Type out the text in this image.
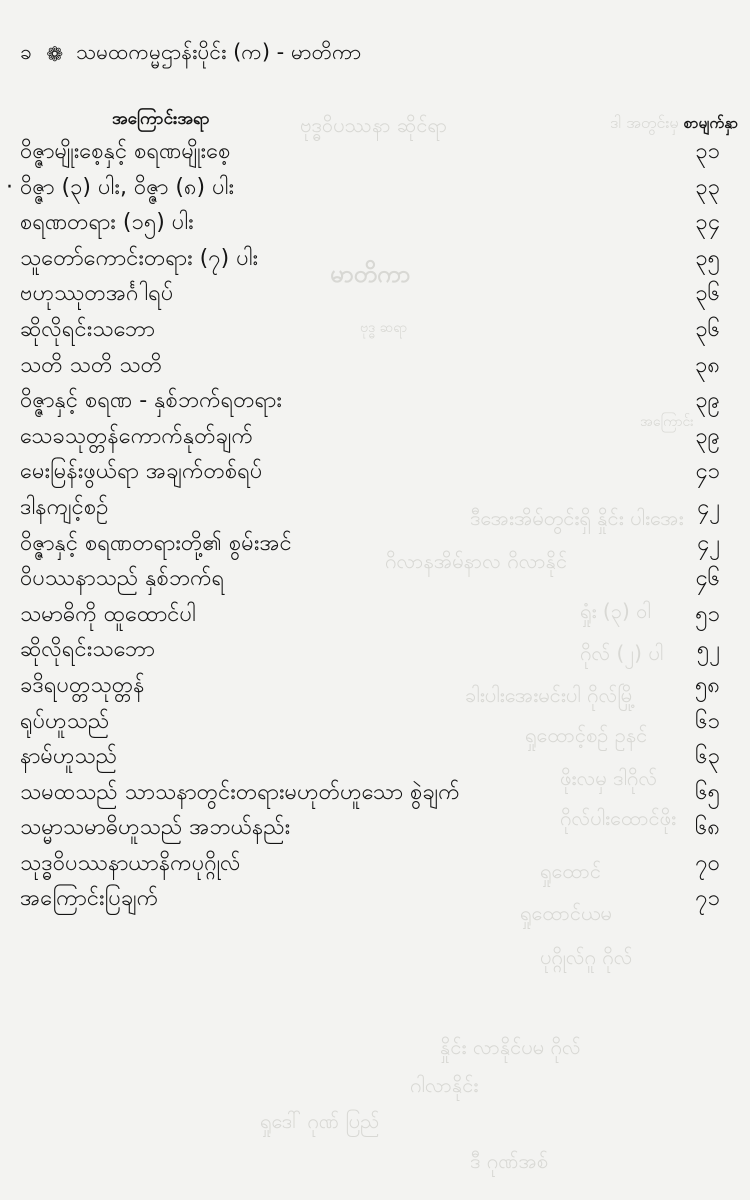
ဗုဒ္ဓဝိပဿနာ ဆိုင်ရာ	ဒါ အတွင်းမှ
မာတိကာ
ဗုဒ္ဓ ဆရာ
အကြောင်း
ဒီအေးအိမ်တွင်းရှိ နှိုင်း ပါးအေး
ဂိလာနအိမ်နာလ ဂိလာနိုင်
ရှုံး (၃) ဝါ
ဂိုလ် (၂) ပါ
ခါးပါးအေးမင်းပါ ဂိုလ်မြို့
ရှုထောင့်စဉ် ဥနင်
ဖိုးလမှ ဒါဂိုလ်
ဂိုလ်ပါးထောင်ဖိုး
ရှုထောင်
ရှုထောင်ယမ
ပုဂ္ဂိုလ်ဂူ ဂိုလ်
နှိုင်း လာနိုင်ပမ ဂိုလ်
ဂါလာနိုင်း
ရှုဒေါ် ဂုဏ် ပြည်
ဒီ ဂုဏ်အစ်
ခ ❁ သမထကမ္မဌာန်းပိုင်း (က) - မာတိကာ
အကြောင်းအရာ	စာမျက်နှာ
ဝိဇ္ဇာမျိုးစေ့နှင့် စရဏမျိုးစေ့	၃၁
· ဝိဇ္ဇာ (၃) ပါး, ဝိဇ္ဇာ (၈) ပါး	၃၃
စရဏတရား (၁၅) ပါး	၃၄
သူတော်ကောင်းတရား (၇) ပါး	၃၅
ဗဟုဿုတအင်္ဂါရပ်	၃၆
ဆိုလိုရင်းသဘော	၃၆
သတိ သတိ သတိ	၃၈
ဝိဇ္ဇာနှင့် စရဏ - နှစ်ဘက်ရတရား	၃၉
သေခသုတ္တန်ကောက်နုတ်ချက်	၃၉
မေးမြန်းဖွယ်ရာ အချက်တစ်ရပ်	၄၁
ဒါနကျင့်စဉ်	၄၂
ဝိဇ္ဇာနှင့် စရဏတရားတို့၏ စွမ်းအင်	၄၂
ဝိပဿနာသည် နှစ်ဘက်ရ	၄၆
သမာဓိကို ထူထောင်ပါ	၅၁
ဆိုလိုရင်းသဘော	၅၂
ခဒိရပတ္တသုတ္တန်	၅၈
ရုပ်ဟူသည်	၆၁
နာမ်ဟူသည်	၆၃
သမထသည် သာသနာတွင်းတရားမဟုတ်ဟူသော စွဲချက်	၆၅
သမ္မာသမာဓိဟူသည် အဘယ်နည်း	၆၈
သုဒ္ဓဝိပဿနာယာနိကပုဂ္ဂိုလ်	၇၀
အကြောင်းပြချက်	၇၁
